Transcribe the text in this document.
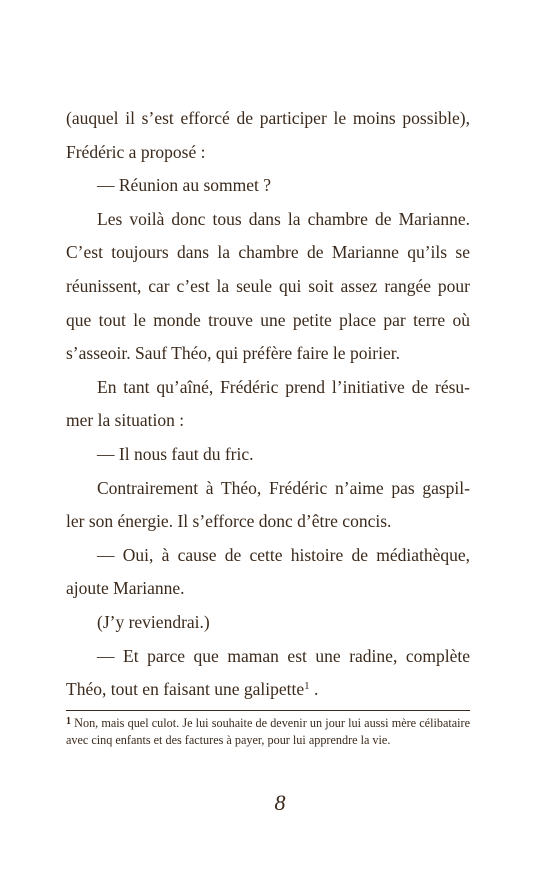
(auquel il s’est efforcé de participer le moins possible),
Frédéric a proposé :

— Réunion au sommet ?

Les voilà donc tous dans la chambre de Marianne.
C’est toujours dans la chambre de Marianne qu’ils se
réunissent, car c’est la seule qui soit assez rangée pour
que tout le monde trouve une petite place par terre où
s’asseoir. Sauf Théo, qui préfère faire le poirier.

En tant qu’aîné, Frédéric prend l’initiative de résu-
mer la situation :

— Il nous faut du fric.

Contrairement à Théo, Frédéric n’aime pas gaspil-
ler son énergie. Il s’efforce donc d’être concis.

— Oui, à cause de cette histoire de médiathèque,
ajoute Marianne.

(J’y reviendrai.)

— Et parce que maman est une radine, complète
Théo, tout en faisant une galipette$^1$ .

$^1$ Non, mais quel culot. Je lui souhaite de devenir un jour lui aussi mère célibataire avec cinq enfants et des factures à payer, pour lui apprendre la vie.

8
